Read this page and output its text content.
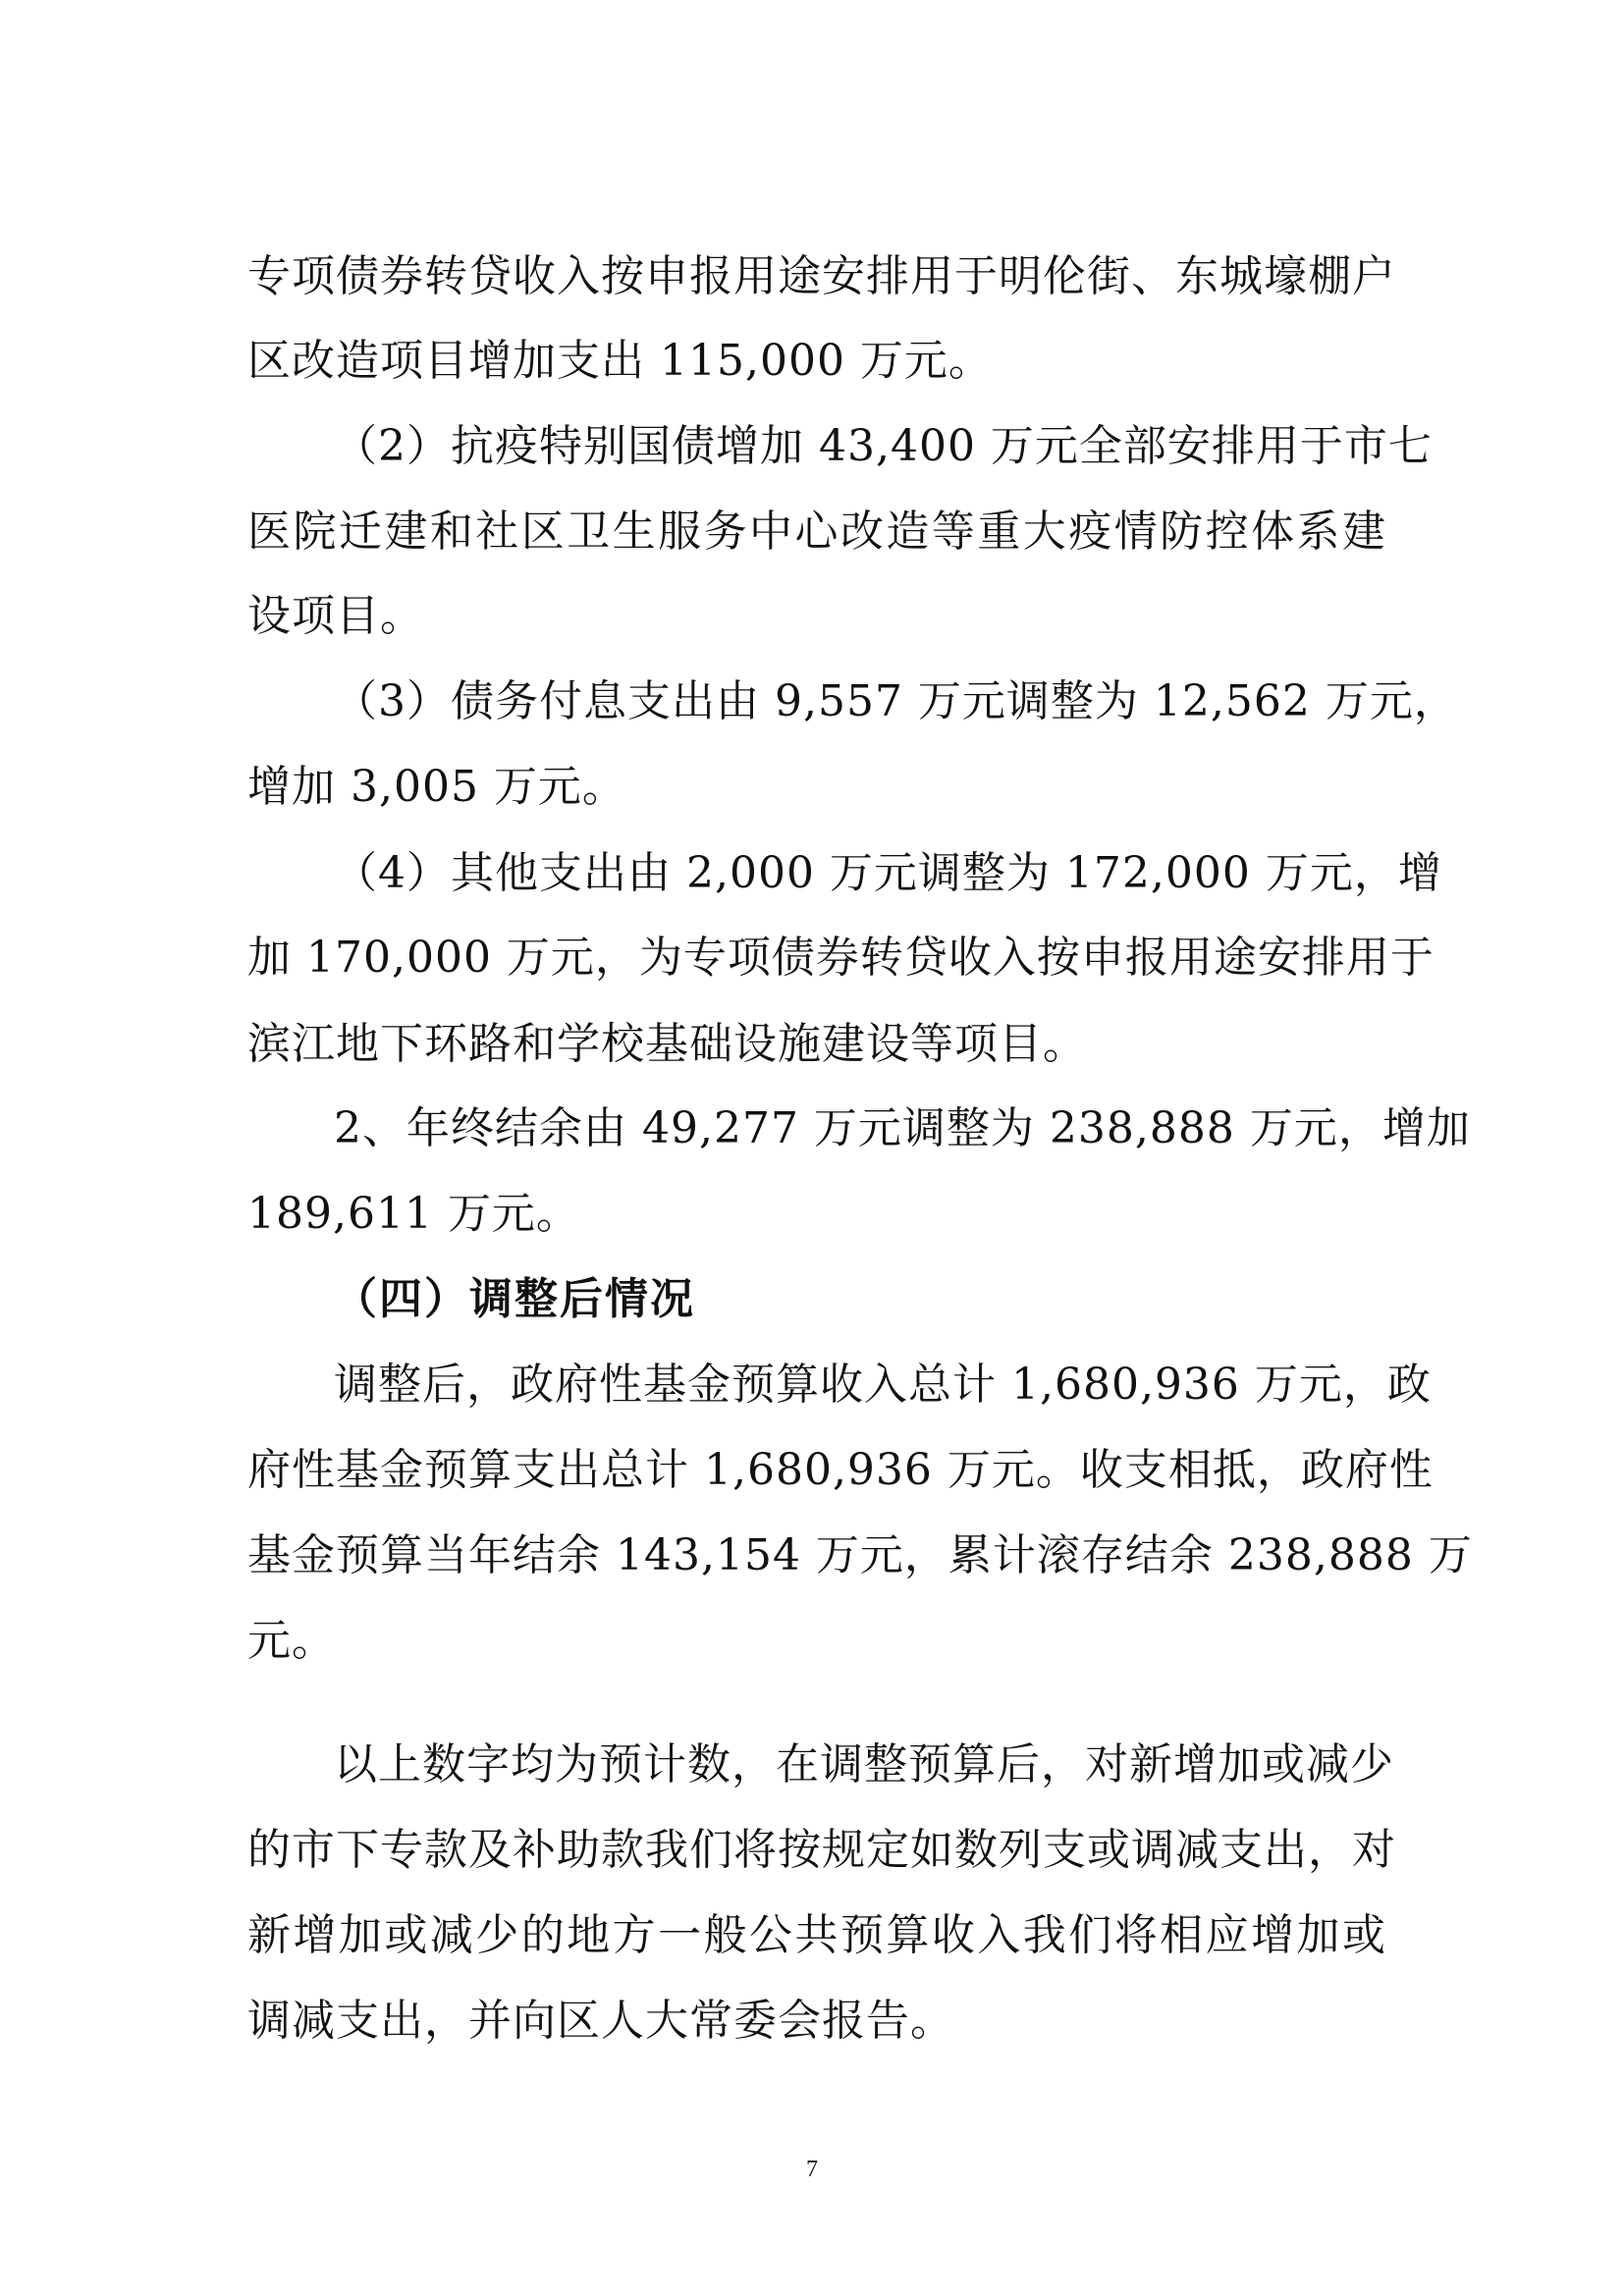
专项债券转贷收入按申报用途安排用于明伦街、东城壕棚户
区改造项目增加支出 115,000 万元。
（2）抗疫特别国债增加 43,400 万元全部安排用于市七
医院迁建和社区卫生服务中心改造等重大疫情防控体系建
设项目。
（3）债务付息支出由 9,557 万元调整为 12,562 万元，
增加 3,005 万元。
（4）其他支出由 2,000 万元调整为 172,000 万元，增
加 170,000 万元，为专项债券转贷收入按申报用途安排用于
滨江地下环路和学校基础设施建设等项目。
2、年终结余由 49,277 万元调整为 238,888 万元，增加
189,611 万元。
（四）调整后情况
调整后，政府性基金预算收入总计 1,680,936 万元，政
府性基金预算支出总计 1,680,936 万元。收支相抵，政府性
基金预算当年结余 143,154 万元，累计滚存结余 238,888 万
元。
以上数字均为预计数，在调整预算后，对新增加或减少
的市下专款及补助款我们将按规定如数列支或调减支出，对
新增加或减少的地方一般公共预算收入我们将相应增加或
调减支出，并向区人大常委会报告。
7
